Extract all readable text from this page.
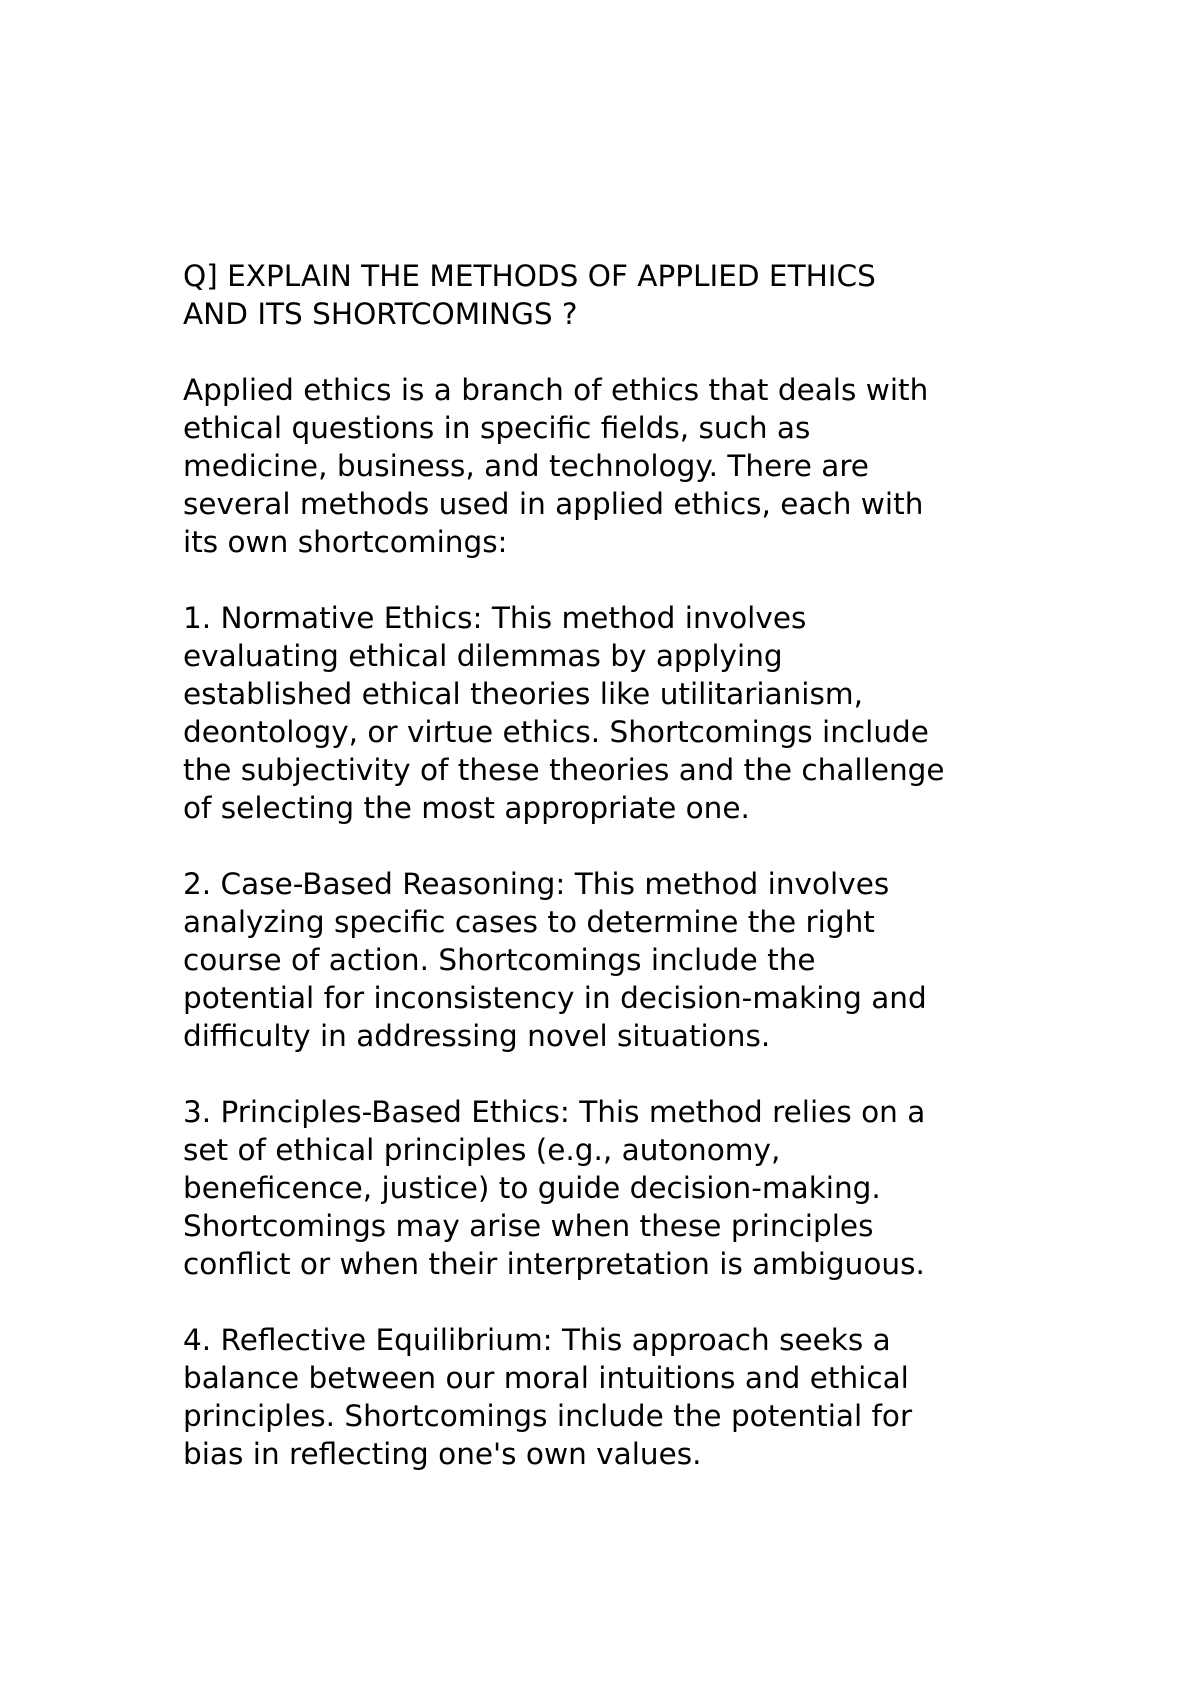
Q] EXPLAIN THE METHODS OF APPLIED ETHICS
AND ITS SHORTCOMINGS ?

Applied ethics is a branch of ethics that deals with
ethical questions in specific fields, such as
medicine, business, and technology. There are
several methods used in applied ethics, each with
its own shortcomings:

1. Normative Ethics: This method involves
evaluating ethical dilemmas by applying
established ethical theories like utilitarianism,
deontology, or virtue ethics. Shortcomings include
the subjectivity of these theories and the challenge
of selecting the most appropriate one.

2. Case-Based Reasoning: This method involves
analyzing specific cases to determine the right
course of action. Shortcomings include the
potential for inconsistency in decision-making and
difficulty in addressing novel situations.

3. Principles-Based Ethics: This method relies on a
set of ethical principles (e.g., autonomy,
beneficence, justice) to guide decision-making.
Shortcomings may arise when these principles
conflict or when their interpretation is ambiguous.

4. Reflective Equilibrium: This approach seeks a
balance between our moral intuitions and ethical
principles. Shortcomings include the potential for
bias in reflecting one's own values.
